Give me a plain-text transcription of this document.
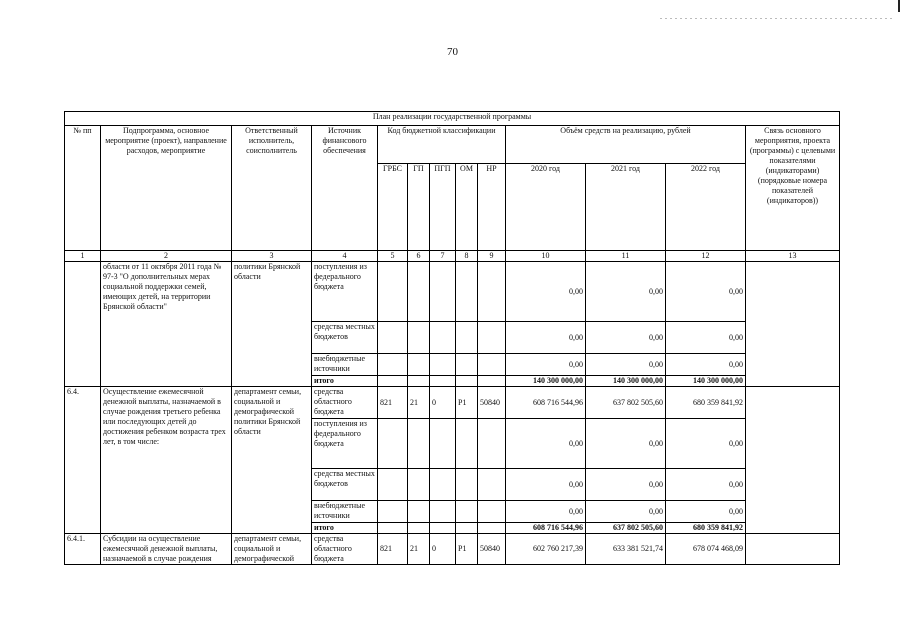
70
План реализации государственной программы												
№ пп	Подпрограмма, основное мероприятие (проект), направление расходов, мероприятие	Ответственный исполнитель, соисполнитель	Источник финансового обеспечения	Код бюджетной классификации					Объём средств на реализацию, рублей			Связь основного мероприятия, проекта (программы) с целевыми показателями (индикаторами) (порядковые номера показателей (индикаторов))
				ГРБС	ГП	ПГП	ОМ	НР	2020 год	2021 год	2022 год	
1	2	3	4	5	6	7	8	9	10	11	12	13
	области от 11 октября 2011 года № 97-3 "О дополнительных мерах социальной поддержки семей, имеющих детей, на территории Брянской области"	политики Брянской области	поступления из федерального бюджета						0,00	0,00	0,00	
			средства местных бюджетов						0,00	0,00	0,00	
			внебюджетные источники						0,00	0,00	0,00	
			итого						140 300 000,00	140 300 000,00	140 300 000,00	
6.4.	Осуществление ежемесячной денежной выплаты, назначаемой в случае рождения третьего ребенка или последующих детей до достижения ребенком возраста трех лет, в том числе:	департамент семьи, социальной и демографической политики Брянской области	средства областного бюджета	821	21	0	P1	50840	608 716 544,96	637 802 505,60	680 359 841,92	
			поступления из федерального бюджета						0,00	0,00	0,00	
			средства местных бюджетов						0,00	0,00	0,00	
			внебюджетные источники						0,00	0,00	0,00	
			итого						608 716 544,96	637 802 505,60	680 359 841,92	
6.4.1.	Субсидии на осуществление ежемесячной денежной выплаты, назначаемой в случае рождения	департамент семьи, социальной и демографической	средства областного бюджета	821	21	0	P1	50840	602 760 217,39	633 381 521,74	678 074 468,09	
